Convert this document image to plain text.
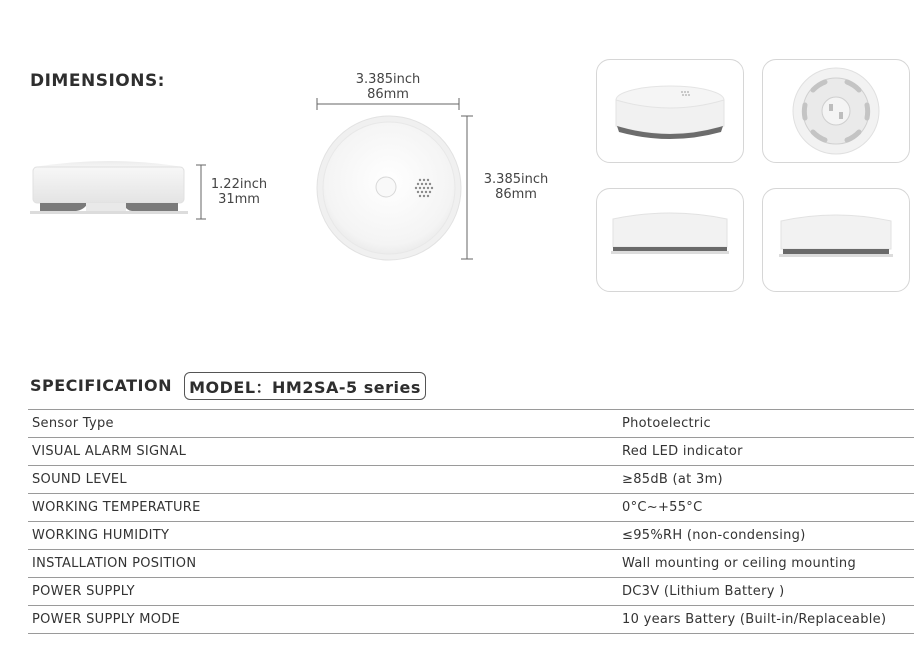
DIMENSIONS:
1.22inch
31mm
3.385inch
86mm
3.385inch
86mm
SPECIFICATION	MODEL：HM2SA-5 series
Sensor Type	Photoelectric
VISUAL ALARM SIGNAL	Red LED indicator
SOUND LEVEL	≥85dB (at 3m)
WORKING TEMPERATURE	0°C~+55°C
WORKING HUMIDITY	≤95%RH (non-condensing)
INSTALLATION POSITION	Wall mounting or ceiling mounting
POWER SUPPLY	DC3V (Lithium Battery )
POWER SUPPLY MODE	10 years Battery (Built-in/Replaceable)
